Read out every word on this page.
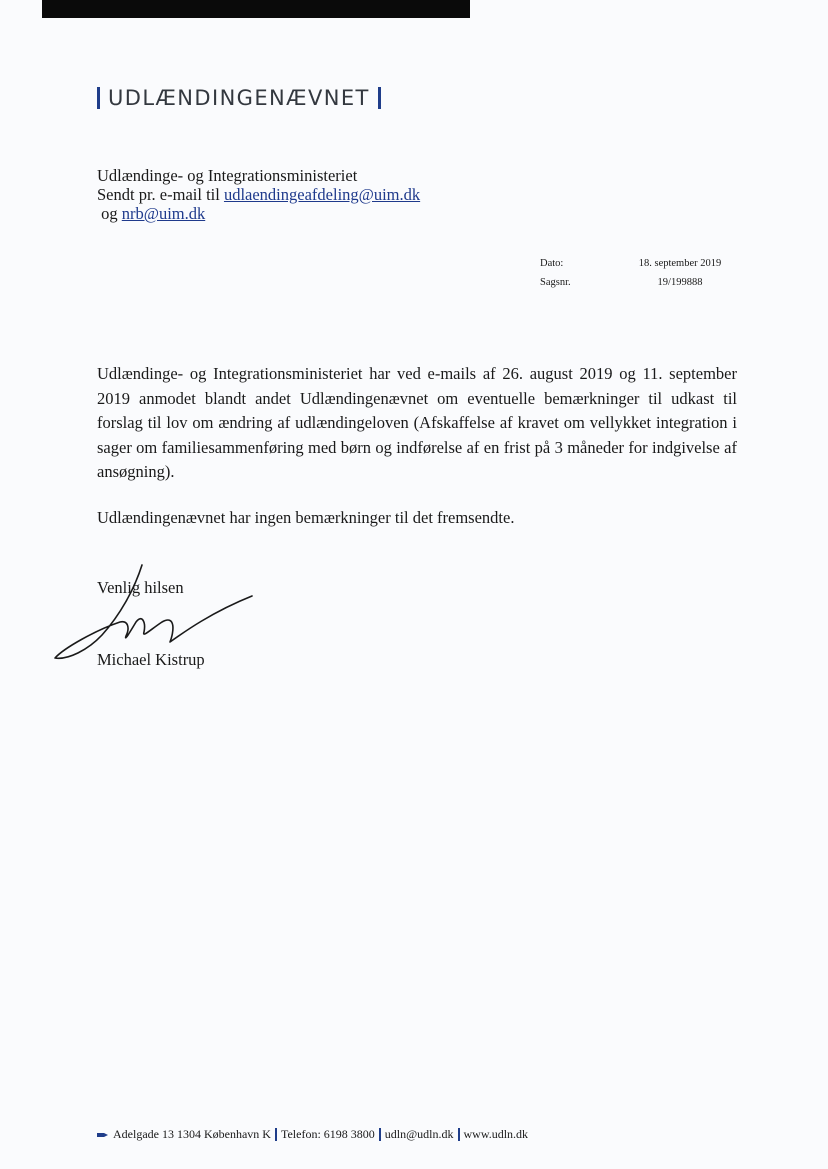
UDLÆNDINGENÆVNET
Udlændinge- og Integrationsministeriet
Sendt pr. e-mail til udlaendingeafdeling@uim.dk
og nrb@uim.dk
Dato:	18. september 2019
Sagsnr.	19/199888

Udlændinge- og Integrationsministeriet har ved e-mails af 26. august 2019 og 11. september 2019 anmodet blandt andet Udlændingenævnet om eventuelle bemærkninger til udkast til forslag til lov om ændring af udlændingeloven (Afskaffelse af kravet om vellykket integration i sager om familiesammenføring med børn og indførelse af en frist på 3 måneder for indgivelse af ansøgning).

Udlændingenævnet har ingen bemærkninger til det fremsendte.

Venlig hilsen
Michael Kistrup
Adelgade 13 1304 København K Telefon: 6198 3800 udln@udln.dk www.udln.dk
